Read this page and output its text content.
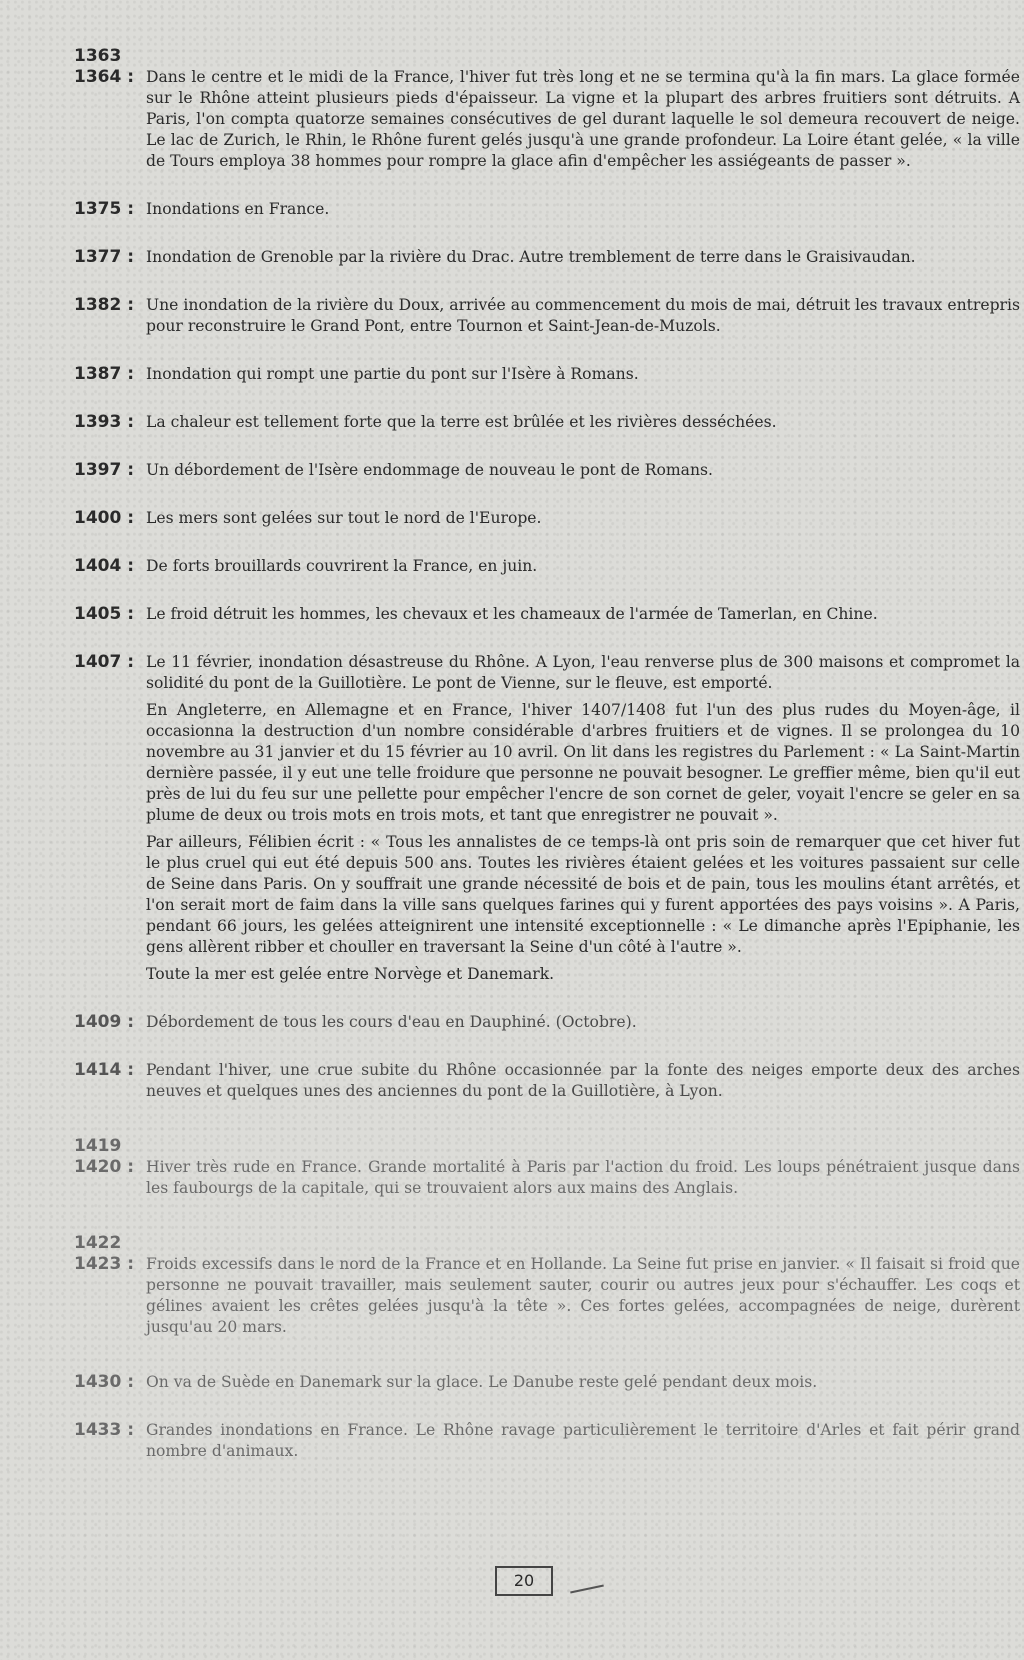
1363
1364 :	Dans le centre et le midi de la France, l'hiver fut très long et ne se termina qu'à la fin mars. La glace formée sur le Rhône atteint plusieurs pieds d'épaisseur. La vigne et la plupart des arbres fruitiers sont détruits. A Paris, l'on compta quatorze semaines consécutives de gel durant laquelle le sol demeura recouvert de neige. Le lac de Zurich, le Rhin, le Rhône furent gelés jusqu'à une grande profondeur. La Loire étant gelée, « la ville de Tours employa 38 hommes pour rompre la glace afin d'empêcher les assiégeants de passer ».

1375 :	Inondations en France.

1377 :	Inondation de Grenoble par la rivière du Drac. Autre tremblement de terre dans le Graisivaudan.

1382 :	Une inondation de la rivière du Doux, arrivée au commencement du mois de mai, détruit les travaux entrepris pour reconstruire le Grand Pont, entre Tournon et Saint-Jean-de-Muzols.

1387 :	Inondation qui rompt une partie du pont sur l'Isère à Romans.

1393 :	La chaleur est tellement forte que la terre est brûlée et les rivières desséchées.

1397 :	Un débordement de l'Isère endommage de nouveau le pont de Romans.

1400 :	Les mers sont gelées sur tout le nord de l'Europe.

1404 :	De forts brouillards couvrirent la France, en juin.

1405 :	Le froid détruit les hommes, les chevaux et les chameaux de l'armée de Tamerlan, en Chine.

1407 :	Le 11 février, inondation désastreuse du Rhône. A Lyon, l'eau renverse plus de 300 maisons et compromet la solidité du pont de la Guillotière. Le pont de Vienne, sur le fleuve, est emporté.

En Angleterre, en Allemagne et en France, l'hiver 1407/1408 fut l'un des plus rudes du Moyen-âge, il occasionna la destruction d'un nombre considérable d'arbres fruitiers et de vignes. Il se prolongea du 10 novembre au 31 janvier et du 15 février au 10 avril. On lit dans les registres du Parlement : « La Saint-Martin dernière passée, il y eut une telle froidure que personne ne pouvait besogner. Le greffier même, bien qu'il eut près de lui du feu sur une pellette pour empêcher l'encre de son cornet de geler, voyait l'encre se geler en sa plume de deux ou trois mots en trois mots, et tant que enregistrer ne pouvait ».

Par ailleurs, Félibien écrit : « Tous les annalistes de ce temps-là ont pris soin de remarquer que cet hiver fut le plus cruel qui eut été depuis 500 ans. Toutes les rivières étaient gelées et les voitures passaient sur celle de Seine dans Paris. On y souffrait une grande nécessité de bois et de pain, tous les moulins étant arrêtés, et l'on serait mort de faim dans la ville sans quelques farines qui y furent apportées des pays voisins ». A Paris, pendant 66 jours, les gelées atteignirent une intensité exceptionnelle : « Le dimanche après l'Epiphanie, les gens allèrent ribber et chouller en traversant la Seine d'un côté à l'autre ».

Toute la mer est gelée entre Norvège et Danemark.

1409 :	Débordement de tous les cours d'eau en Dauphiné. (Octobre).

1414 :	Pendant l'hiver, une crue subite du Rhône occasionnée par la fonte des neiges emporte deux des arches neuves et quelques unes des anciennes du pont de la Guillotière, à Lyon.

1419
1420 :	Hiver très rude en France. Grande mortalité à Paris par l'action du froid. Les loups pénétraient jusque dans les faubourgs de la capitale, qui se trouvaient alors aux mains des Anglais.

1422
1423 :	Froids excessifs dans le nord de la France et en Hollande. La Seine fut prise en janvier. « Il faisait si froid que personne ne pouvait travailler, mais seulement sauter, courir ou autres jeux pour s'échauffer. Les coqs et gélines avaient les crêtes gelées jusqu'à la tête ». Ces fortes gelées, accompagnées de neige, durèrent jusqu'au 20 mars.

1430 :	On va de Suède en Danemark sur la glace. Le Danube reste gelé pendant deux mois.

1433 :	Grandes inondations en France. Le Rhône ravage particulièrement le territoire d'Arles et fait périr grand nombre d'animaux.

20
